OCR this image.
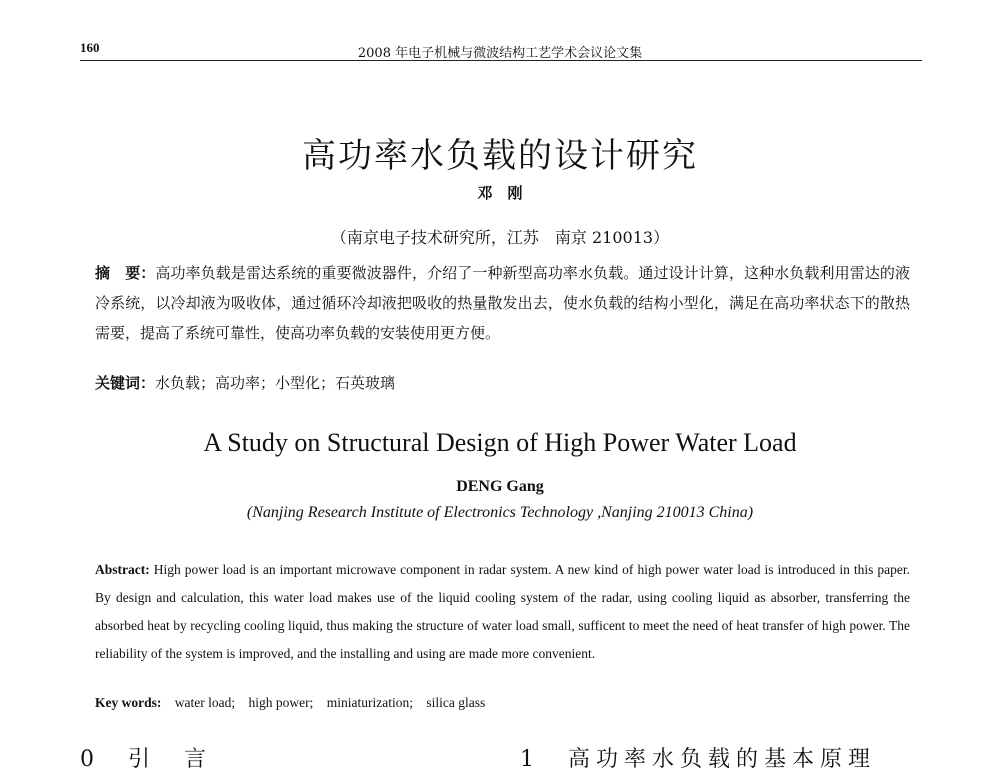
160	2008 年电子机械与微波结构工艺学术会议论文集
高功率水负载的设计研究
邓　刚
（南京电子技术研究所，江苏　南京 210013）

摘　要：高功率负载是雷达系统的重要微波器件，介绍了一种新型高功率水负载。通过设计计算，这种水负载利用雷达的液冷系统，以冷却液为吸收体，通过循环冷却液把吸收的热量散发出去，使水负载的结构小型化，满足在高功率状态下的散热需要，提高了系统可靠性，使高功率负载的安装使用更方便。

关键词：水负载；高功率；小型化；石英玻璃

A Study on Structural Design of High Power Water Load
DENG Gang
(Nanjing Research Institute of Electronics Technology ,Nanjing 210013 China)

Abstract: High power load is an important microwave component in radar system. A new kind of high power water load is introduced in this paper. By design and calculation, this water load makes use of the liquid cooling system of the radar, using cooling liquid as absorber, transferring the absorbed heat by recycling cooling liquid, thus making the structure of water load small, sufficent to meet the need of heat transfer of high power. The reliability of the system is improved, and the installing and using are made more convenient.

Key words: water load; high power; miniaturization; silica glass

0　引　言	1　高功率水负载的基本原理
